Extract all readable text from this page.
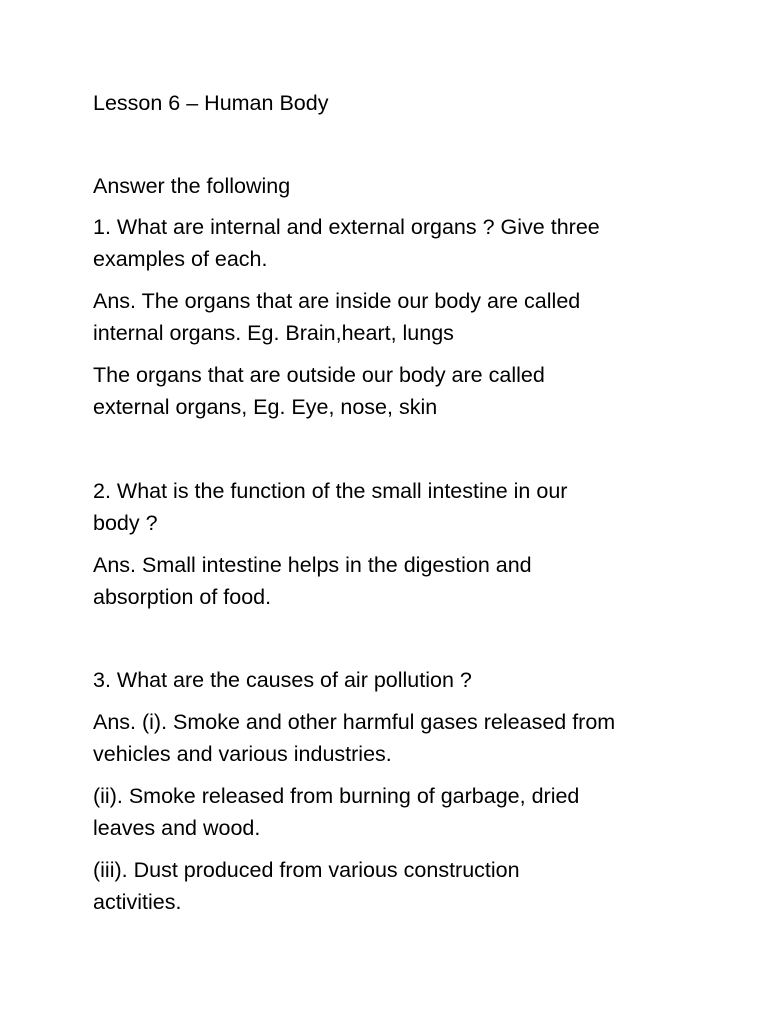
Lesson 6 – Human Body
Answer the following
1. What are internal and external organs ? Give three
examples of each.
Ans. The organs that are inside our body are called
internal organs. Eg. Brain,heart, lungs
The organs that are outside our body are called
external organs, Eg. Eye, nose, skin
2. What is the function of the small intestine in our
body ?
Ans. Small intestine helps in the digestion and
absorption of food.
3. What are the causes of air pollution ?
Ans. (i). Smoke and other harmful gases released from
vehicles and various industries.
(ii). Smoke released from burning of garbage, dried
leaves and wood.
(iii). Dust produced from various construction
activities.
